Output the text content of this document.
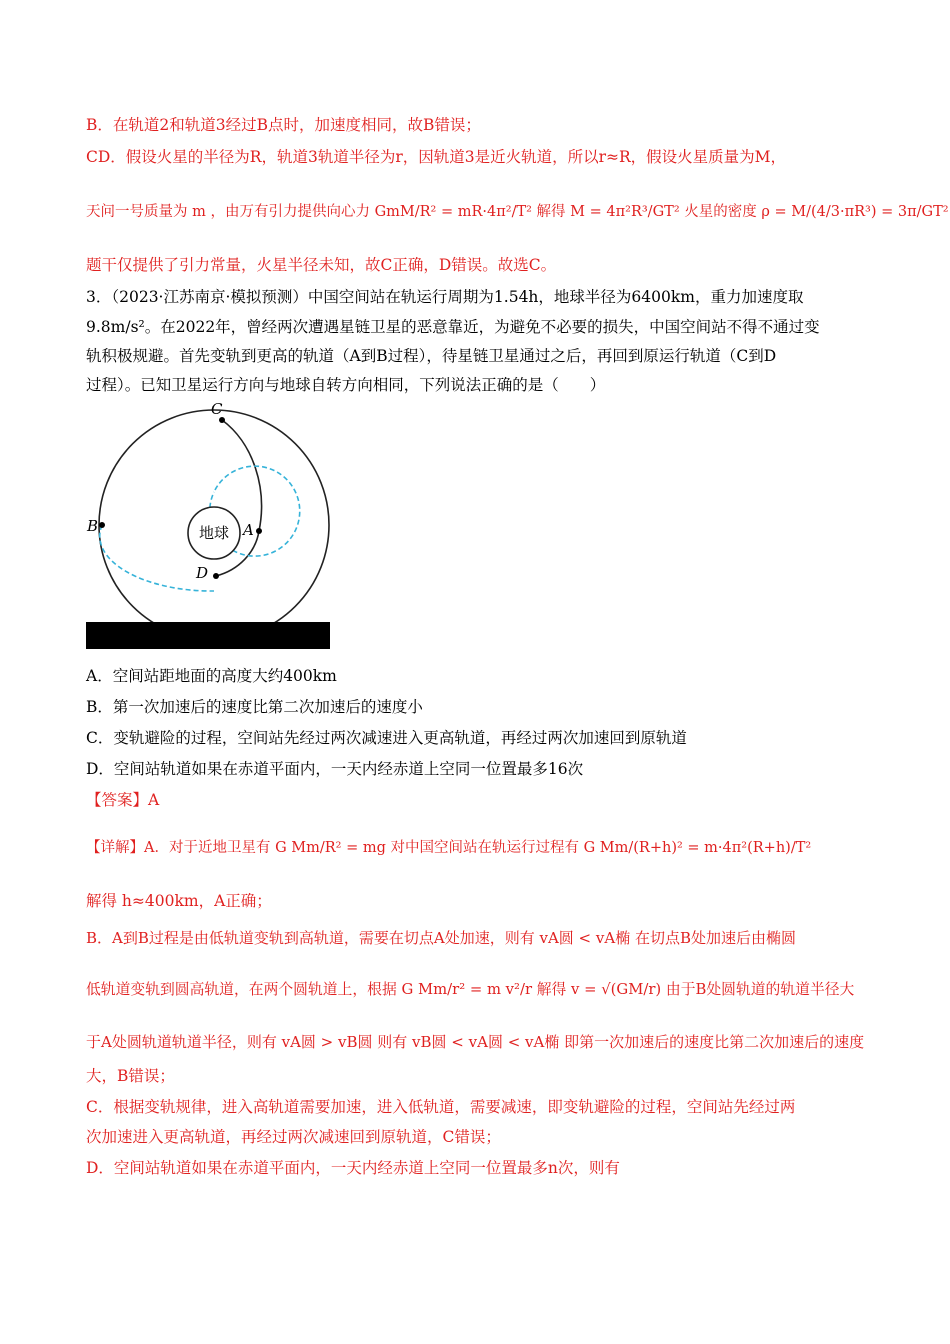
B．在轨道2和轨道3经过B点时，加速度相同，故B错误；
CD．假设火星的半径为R，轨道3轨道半径为r，因轨道3是近火轨道，所以r≈R，假设火星质量为M，
天问一号质量为 m ，由万有引力提供向心力 GmM/R² = mR·4π²/T² 解得 M = 4π²R³/GT² 火星的密度 ρ = M/(4/3·πR³) = 3π/GT²
题干仅提供了引力常量，火星半径未知，故C正确，D错误。故选C。
3．（2023·江苏南京·模拟预测）中国空间站在轨运行周期为1.54h，地球半径为6400km，重力加速度取
9.8m/s²。在2022年，曾经两次遭遇星链卫星的恶意靠近，为避免不必要的损失，中国空间站不得不通过变
轨积极规避。首先变轨到更高的轨道（A到B过程），待星链卫星通过之后，再回到原运行轨道（C到D
过程）。已知卫星运行方向与地球自转方向相同，下列说法正确的是（　　）
地球 A
B
C
D
A．空间站距地面的高度大约400km
B．第一次加速后的速度比第二次加速后的速度小
C．变轨避险的过程，空间站先经过两次减速进入更高轨道，再经过两次加速回到原轨道
D．空间站轨道如果在赤道平面内，一天内经赤道上空同一位置最多16次
【答案】A
【详解】A．对于近地卫星有 G Mm/R² = mg 对中国空间站在轨运行过程有 G Mm/(R+h)² = m·4π²(R+h)/T²
解得 h≈400km，A正确；
B．A到B过程是由低轨道变轨到高轨道，需要在切点A处加速，则有 vA圆 < vA椭 在切点B处加速后由椭圆
低轨道变轨到圆高轨道，在两个圆轨道上，根据 G Mm/r² = m v²/r 解得 v = √(GM/r) 由于B处圆轨道的轨道半径大
于A处圆轨道轨道半径，则有 vA圆 > vB圆 则有 vB圆 < vA圆 < vA椭 即第一次加速后的速度比第二次加速后的速度
大，B错误；
C．根据变轨规律，进入高轨道需要加速，进入低轨道，需要减速，即变轨避险的过程，空间站先经过两
次加速进入更高轨道，再经过两次减速回到原轨道，C错误；
D．空间站轨道如果在赤道平面内，一天内经赤道上空同一位置最多n次，则有
